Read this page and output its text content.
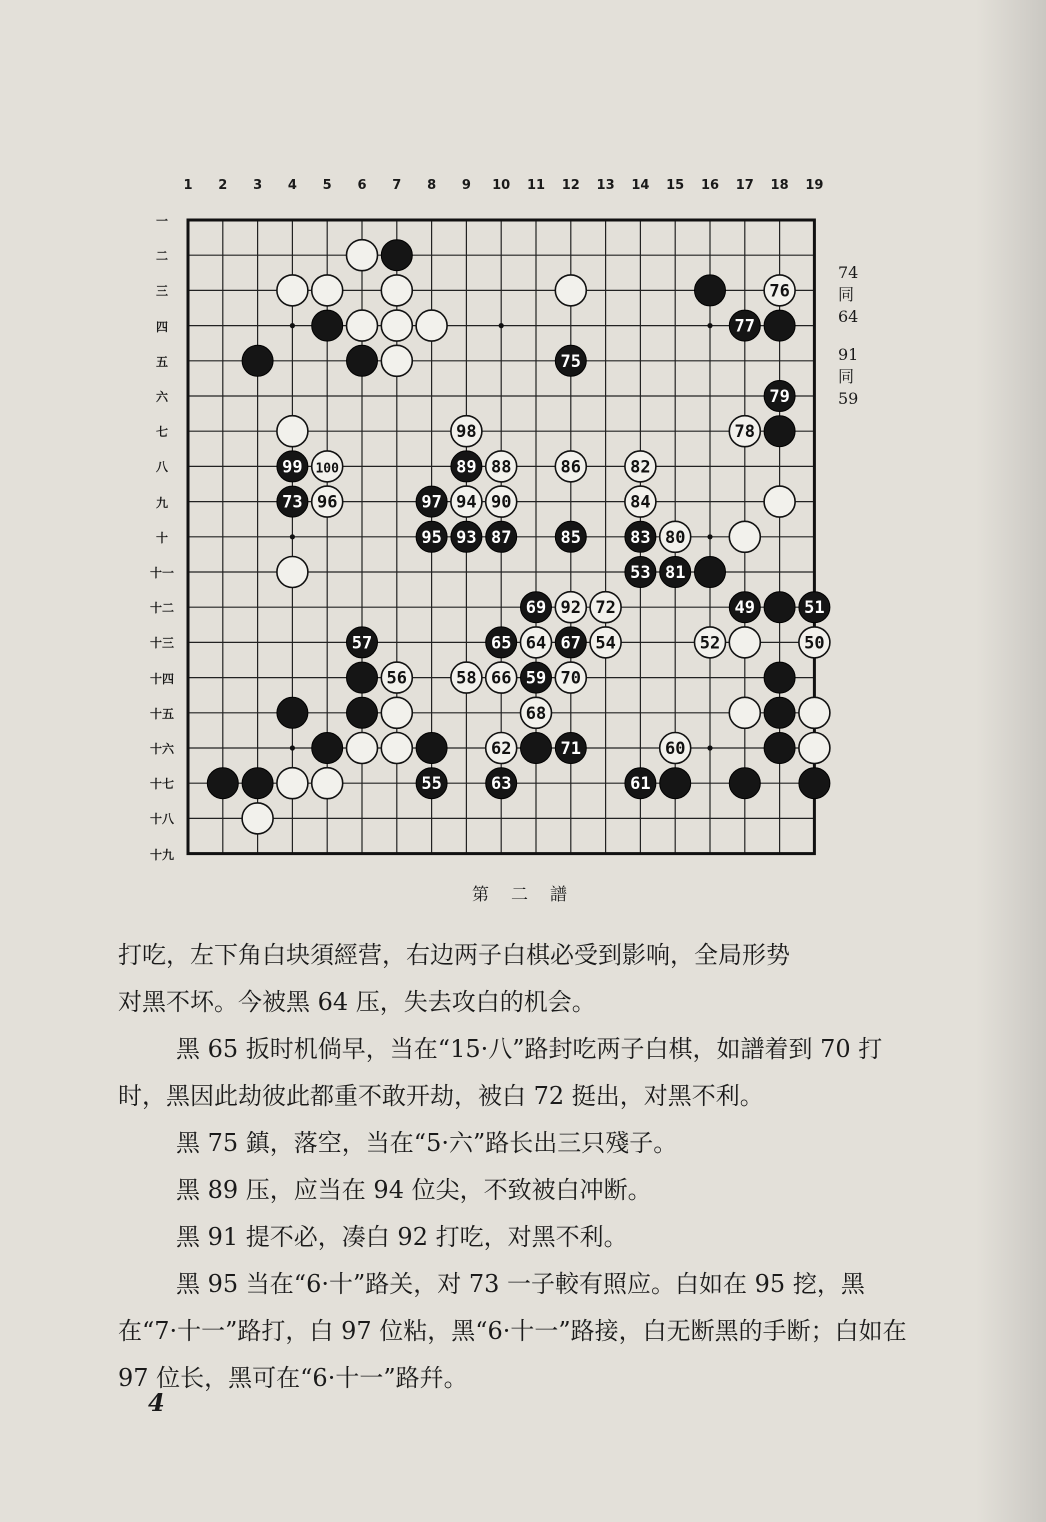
1	2	3	4	5	6	7	8	9	10 11 12 13 14 15 16 17 18 19
一
二
三
四
五
六
七
八
九
十
十一
十二
十三
十四
十五
十六
十七
十八
十九
76
77
75
79
98	78
99 100	89 88	86	82
73 96	97 94 90	84
95 93 87	85	83 80
53 81
69 92 72	49	51
57	65 64 67 54	52	50
56	58 66 59 70
68
62	71	60
55	63	61
74
同
64
91
同
59
第二譜

打吃，左下角白块須經营，右边两子白棋必受到影响，全局形势

对黑不坏。今被黑 64 压，失去攻白的机会。

黑 65 扳时机倘早，当在“15·八”路封吃两子白棋，如譜着到 70 打时，黑因此劫彼此都重不敢开劫，被白 72 挺出，对黑不利。

黑 75 鎮，落空，当在“5·六”路长出三只殘子。

黑 89 压，应当在 94 位尖，不致被白冲断。

黑 91 提不必，凑白 92 打吃，对黑不利。

黑 95 当在“6·十”路关，对 73 一子較有照应。白如在 95 挖，黑在“7·十一”路打，白 97 位粘，黑“6·十一”路接，白无断黑的手断；白如在 97 位长，黑可在“6·十一”路幷。

4
